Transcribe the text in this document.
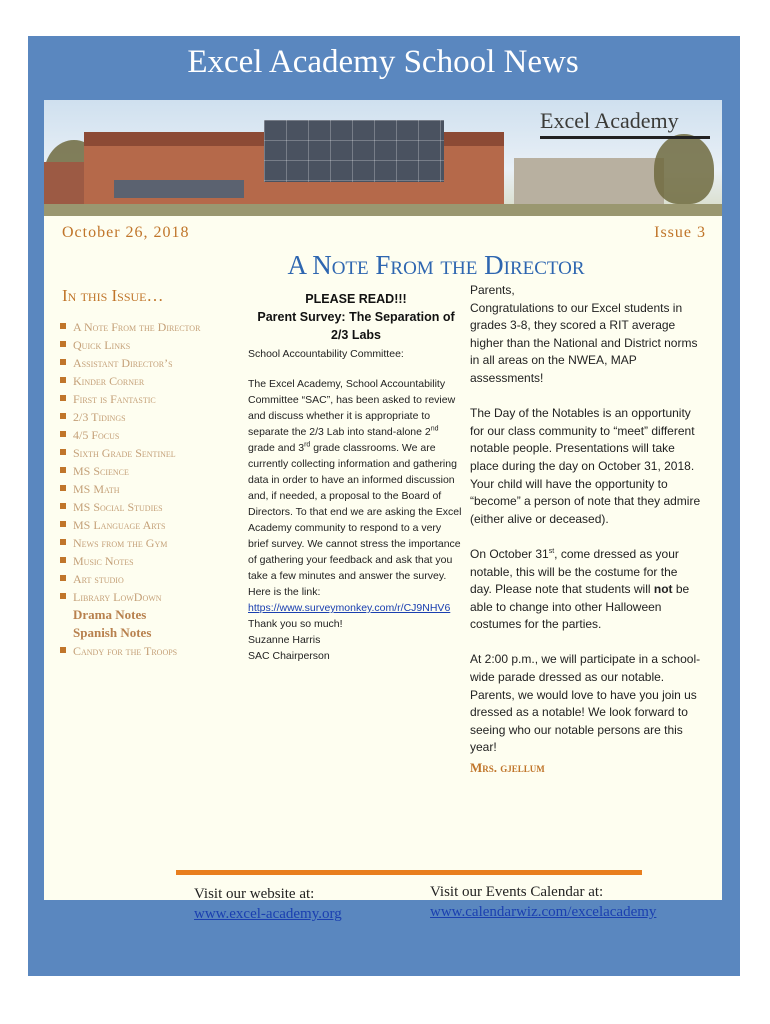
Excel Academy School News
Excel Academy
October 26, 2018	Issue 3
A Note From the Director
In this Issue…
A Note From the Director
Quick Links
Assistant Director’s
Kinder Corner
First is Fantastic
2/3 Tidings
4/5 Focus
Sixth Grade Sentinel
MS Science
MS Math
MS Social Studies
MS Language Arts
News from the Gym
Music Notes
Art studio
Library LowDown
Drama Notes
Spanish Notes
Candy for the Troops
PLEASE READ!!!
Parent Survey: The Separation of 2/3 Labs

School Accountability Committee:

The Excel Academy, School Accountability Committee “SAC”, has been asked to review and discuss whether it is appropriate to separate the 2/3 Lab into stand-alone 2nd grade and 3rd grade classrooms. We are currently collecting information and gathering data in order to have an informed discussion and, if needed, a proposal to the Board of Directors. To that end we are asking the Excel Academy community to respond to a very brief survey. We cannot stress the importance of gathering your feedback and ask that you take a few minutes and answer the survey.

Here is the link:

https://www.surveymonkey.com/r/CJ9NHV6

Thank you so much!

Suzanne Harris

SAC Chairperson

Parents,

Congratulations to our Excel students in grades 3-8, they scored a RIT average higher than the National and District norms in all areas on the NWEA, MAP assessments!

The Day of the Notables is an opportunity for our class community to “meet” different notable people. Presentations will take place during the day on October 31, 2018. Your child will have the opportunity to “become” a person of note that they admire (either alive or deceased).

On October 31st, come dressed as your notable, this will be the costume for the day. Please note that students will not be able to change into other Halloween costumes for the parties.

At 2:00 p.m., we will participate in a school-wide parade dressed as our notable. Parents, we would love to have you join us dressed as a notable! We look forward to seeing who our notable persons are this year!

Mrs. gjellum
Visit our website at:
www.excel-academy.org
Visit our Events Calendar at:
www.calendarwiz.com/excelacademy
